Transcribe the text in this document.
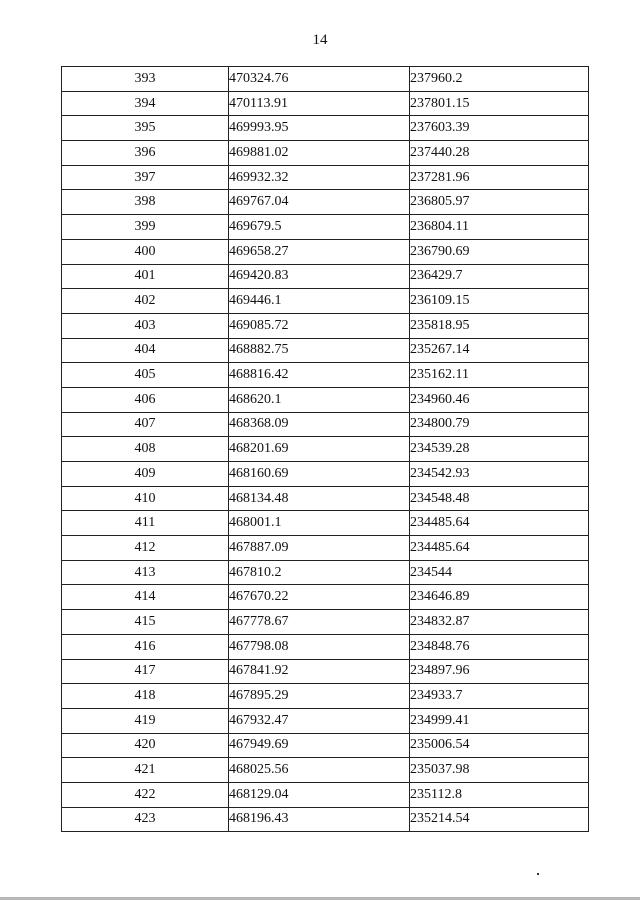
14
393	470324.76	237960.2
394	470113.91	237801.15
395	469993.95	237603.39
396	469881.02	237440.28
397	469932.32	237281.96
398	469767.04	236805.97
399	469679.5	236804.11
400	469658.27	236790.69
401	469420.83	236429.7
402	469446.1	236109.15
403	469085.72	235818.95
404	468882.75	235267.14
405	468816.42	235162.11
406	468620.1	234960.46
407	468368.09	234800.79
408	468201.69	234539.28
409	468160.69	234542.93
410	468134.48	234548.48
411	468001.1	234485.64
412	467887.09	234485.64
413	467810.2	234544
414	467670.22	234646.89
415	467778.67	234832.87
416	467798.08	234848.76
417	467841.92	234897.96
418	467895.29	234933.7
419	467932.47	234999.41
420	467949.69	235006.54
421	468025.56	235037.98
422	468129.04	235112.8
423	468196.43	235214.54
